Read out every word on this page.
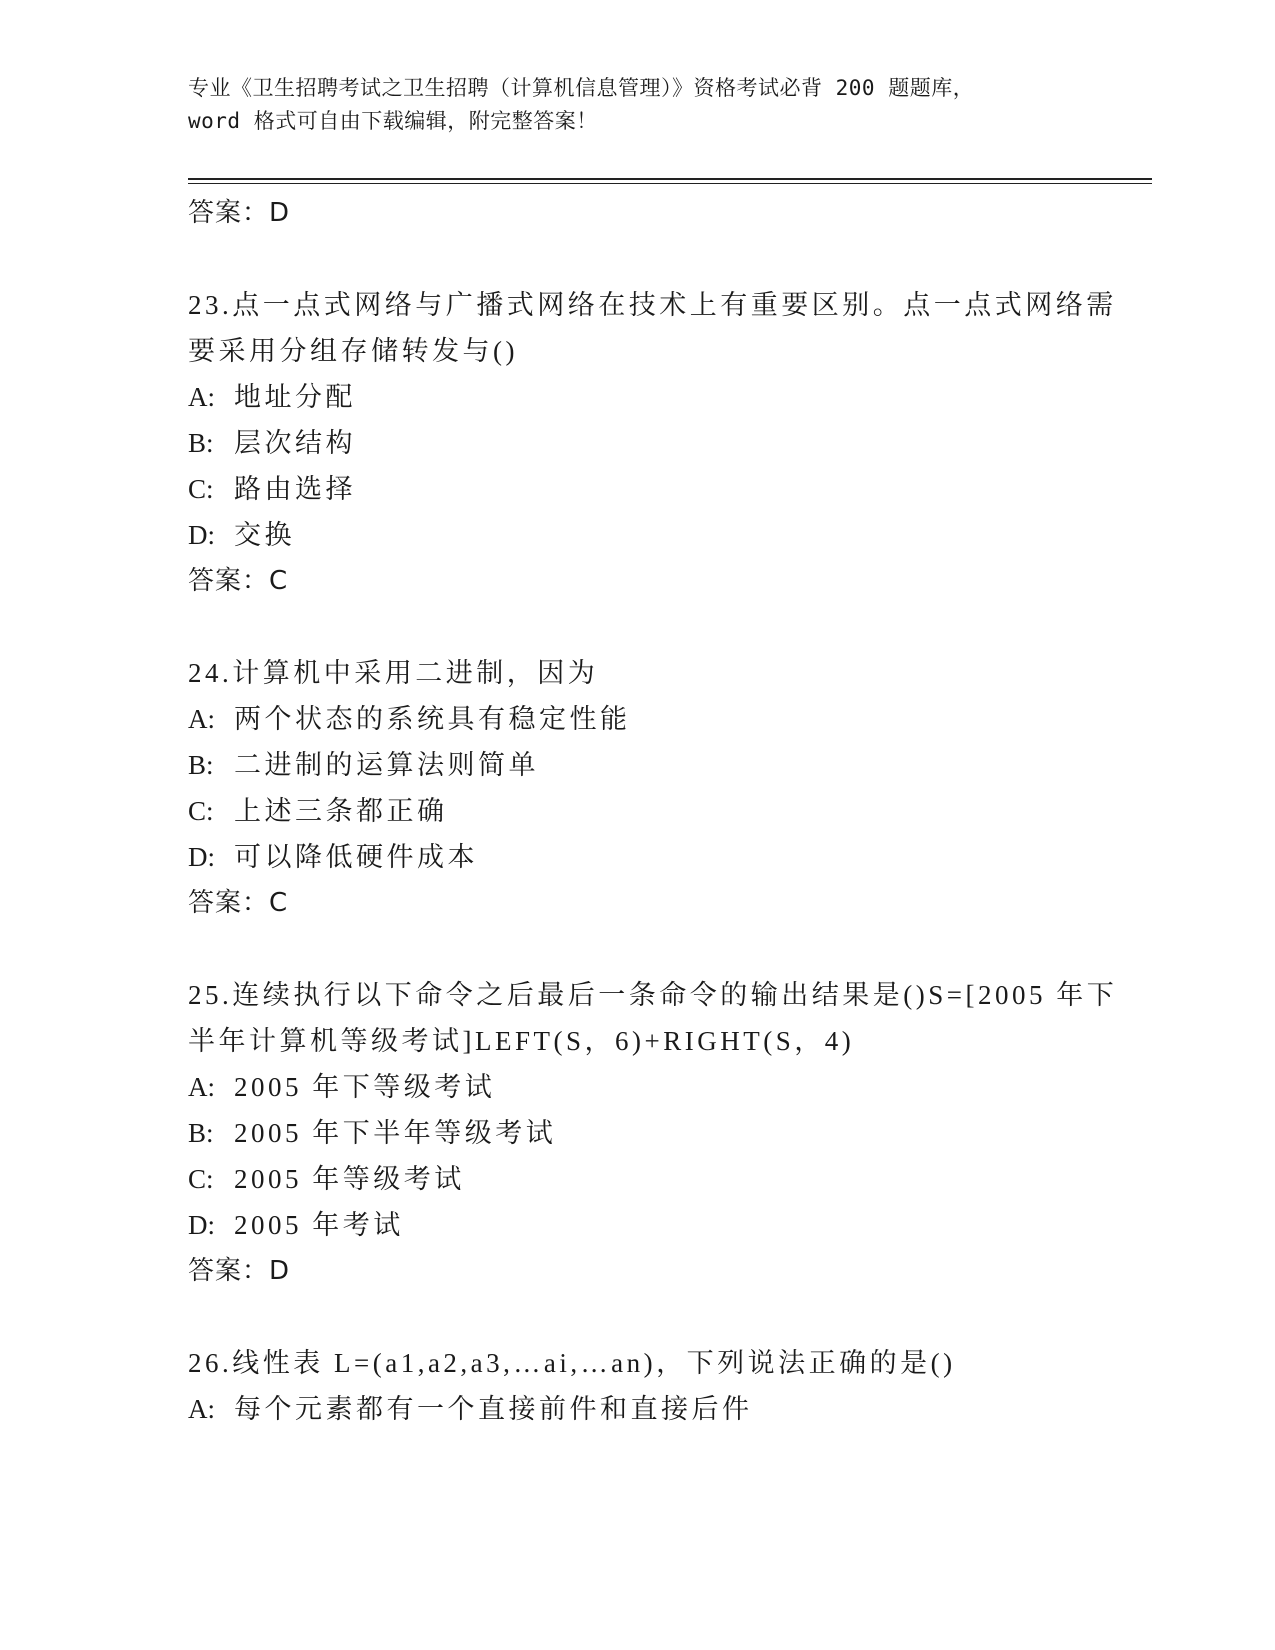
专业《卫生招聘考试之卫生招聘（计算机信息管理）》资格考试必背 200 题题库，
word 格式可自由下载编辑，附完整答案！
答案：D
23.点一点式网络与广播式网络在技术上有重要区别。点一点式网络需
要采用分组存储转发与()
A: 地址分配
B: 层次结构
C: 路由选择
D: 交换
答案：C
24.计算机中采用二进制，因为
A: 两个状态的系统具有稳定性能
B: 二进制的运算法则简单
C: 上述三条都正确
D: 可以降低硬件成本
答案：C
25.连续执行以下命令之后最后一条命令的输出结果是()S=[2005 年下
半年计算机等级考试]LEFT(S，6)+RIGHT(S，4)
A: 2005 年下等级考试
B: 2005 年下半年等级考试
C: 2005 年等级考试
D: 2005 年考试
答案：D
26.线性表 L=(a1,a2,a3,…ai,…an)，下列说法正确的是()
A: 每个元素都有一个直接前件和直接后件
